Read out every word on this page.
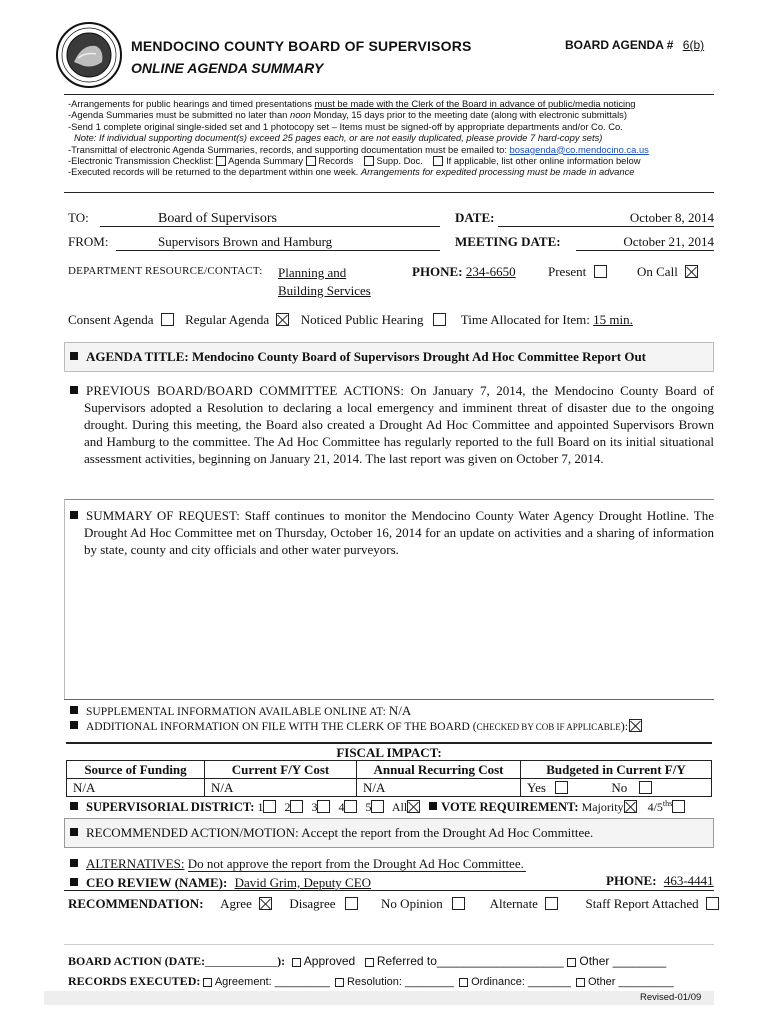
MENDOCINO COUNTY BOARD OF SUPERVISORS
ONLINE AGENDA SUMMARY
BOARD AGENDA # 6(b)
-Arrangements for public hearings and timed presentations must be made with the Clerk of the Board in advance of public/media noticing
-Agenda Summaries must be submitted no later than noon Monday, 15 days prior to the meeting date (along with electronic submittals)
-Send 1 complete original single-sided set and 1 photocopy set – Items must be signed-off by appropriate departments and/or Co. Co.
Note: If individual supporting document(s) exceed 25 pages each, or are not easily duplicated, please provide 7 hard-copy sets)
-Transmittal of electronic Agenda Summaries, records, and supporting documentation must be emailed to: bosagenda@co.mendocino.ca.us
-Electronic Transmission Checklist:  Agenda Summary Records Supp. Doc. If applicable, list other online information below
-Executed records will be returned to the department within one week. Arrangements for expedited processing must be made in advance
TO:	Board of Supervisors	DATE:	October 8, 2014
FROM:	Supervisors Brown and Hamburg	MEETING DATE:	October 21, 2014
DEPARTMENT RESOURCE/CONTACT: Planning and
Building Services
PHONE: 234-6650 Present	On Call
Consent Agenda Regular Agenda Noticed Public Hearing	Time Allocated for Item: 15 min.
AGENDA TITLE: Mendocino County Board of Supervisors Drought Ad Hoc Committee Report Out
PREVIOUS BOARD/BOARD COMMITTEE ACTIONS: On January 7, 2014, the Mendocino County Board of Supervisors adopted a Resolution to declaring a local emergency and imminent threat of disaster due to the ongoing drought. During this meeting, the Board also created a Drought Ad Hoc Committee and appointed Supervisors Brown and Hamburg to the committee. The Ad Hoc Committee has regularly reported to the full Board on its initial situational assessment activities, beginning on January 21, 2014. The last report was given on October 7, 2014.
SUMMARY OF REQUEST: Staff continues to monitor the Mendocino County Water Agency Drought Hotline. The Drought Ad Hoc Committee met on Thursday, October 16, 2014 for an update on activities and a sharing of information by state, county and city officials and other water purveyors.
SUPPLEMENTAL INFORMATION AVAILABLE ONLINE AT: N/A
ADDITIONAL INFORMATION ON FILE WITH THE CLERK OF THE BOARD (CHECKED BY COB IF APPLICABLE):
FISCAL IMPACT:
Source of Funding	Current F/Y Cost	Annual Recurring Cost	Budgeted in Current F/Y
N/A	N/A	N/A	Yes No
SUPERVISORIAL DISTRICT: 1 2 3 4 5 All	VOTE REQUIREMENT: Majority $4/5^{ths}$
RECOMMENDED ACTION/MOTION: Accept the report from the Drought Ad Hoc Committee.
ALTERNATIVES: Do not approve the report from the Drought Ad Hoc Committee.
CEO REVIEW (NAME): David Grim, Deputy CEO	PHONE: 463-4441
RECOMMENDATION: Agree	Disagree	No Opinion	Alternate	Staff Report Attached
BOARD ACTION (DATE:____________): Approved Referred to___________________ Other ________
RECORDS EXECUTED: Agreement: _________ Resolution: ________ Ordinance: _______ Other _________
Revised-01/09
